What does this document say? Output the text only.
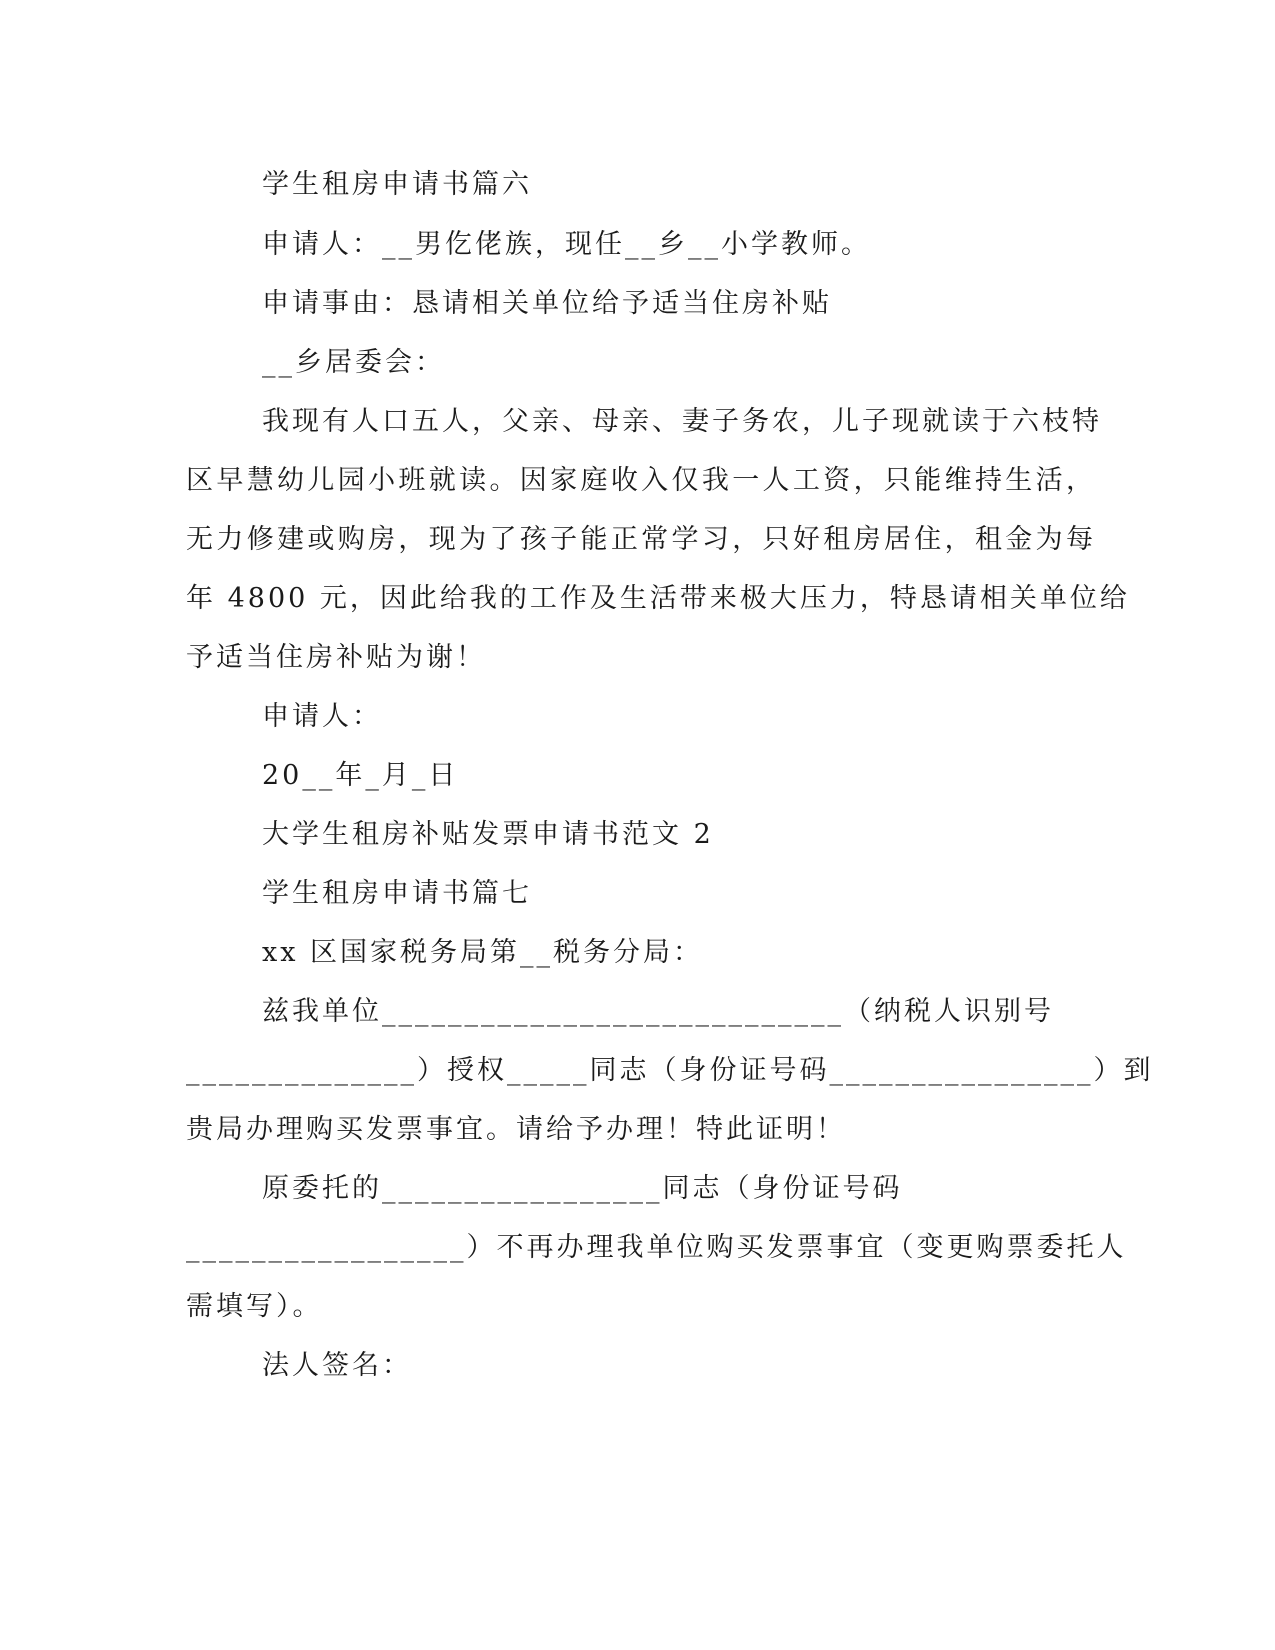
学生租房申请书篇六
申请人：__男仡佬族，现任__乡__小学教师。
申请事由：恳请相关单位给予适当住房补贴
__乡居委会：
我现有人口五人，父亲、母亲、妻子务农，儿子现就读于六枝特
区早慧幼儿园小班就读。因家庭收入仅我一人工资，只能维持生活，
无力修建或购房，现为了孩子能正常学习，只好租房居住，租金为每
年 4800 元，因此给我的工作及生活带来极大压力，特恳请相关单位给
予适当住房补贴为谢！
申请人：
20__年_月_日
大学生租房补贴发票申请书范文 2
学生租房申请书篇七
xx 区国家税务局第__税务分局：
兹我单位____________________________（纳税人识别号
______________）授权_____同志（身份证号码________________）到
贵局办理购买发票事宜。请给予办理！特此证明！
原委托的_________________同志（身份证号码
_________________）不再办理我单位购买发票事宜（变更购票委托人
需填写）。
法人签名：
